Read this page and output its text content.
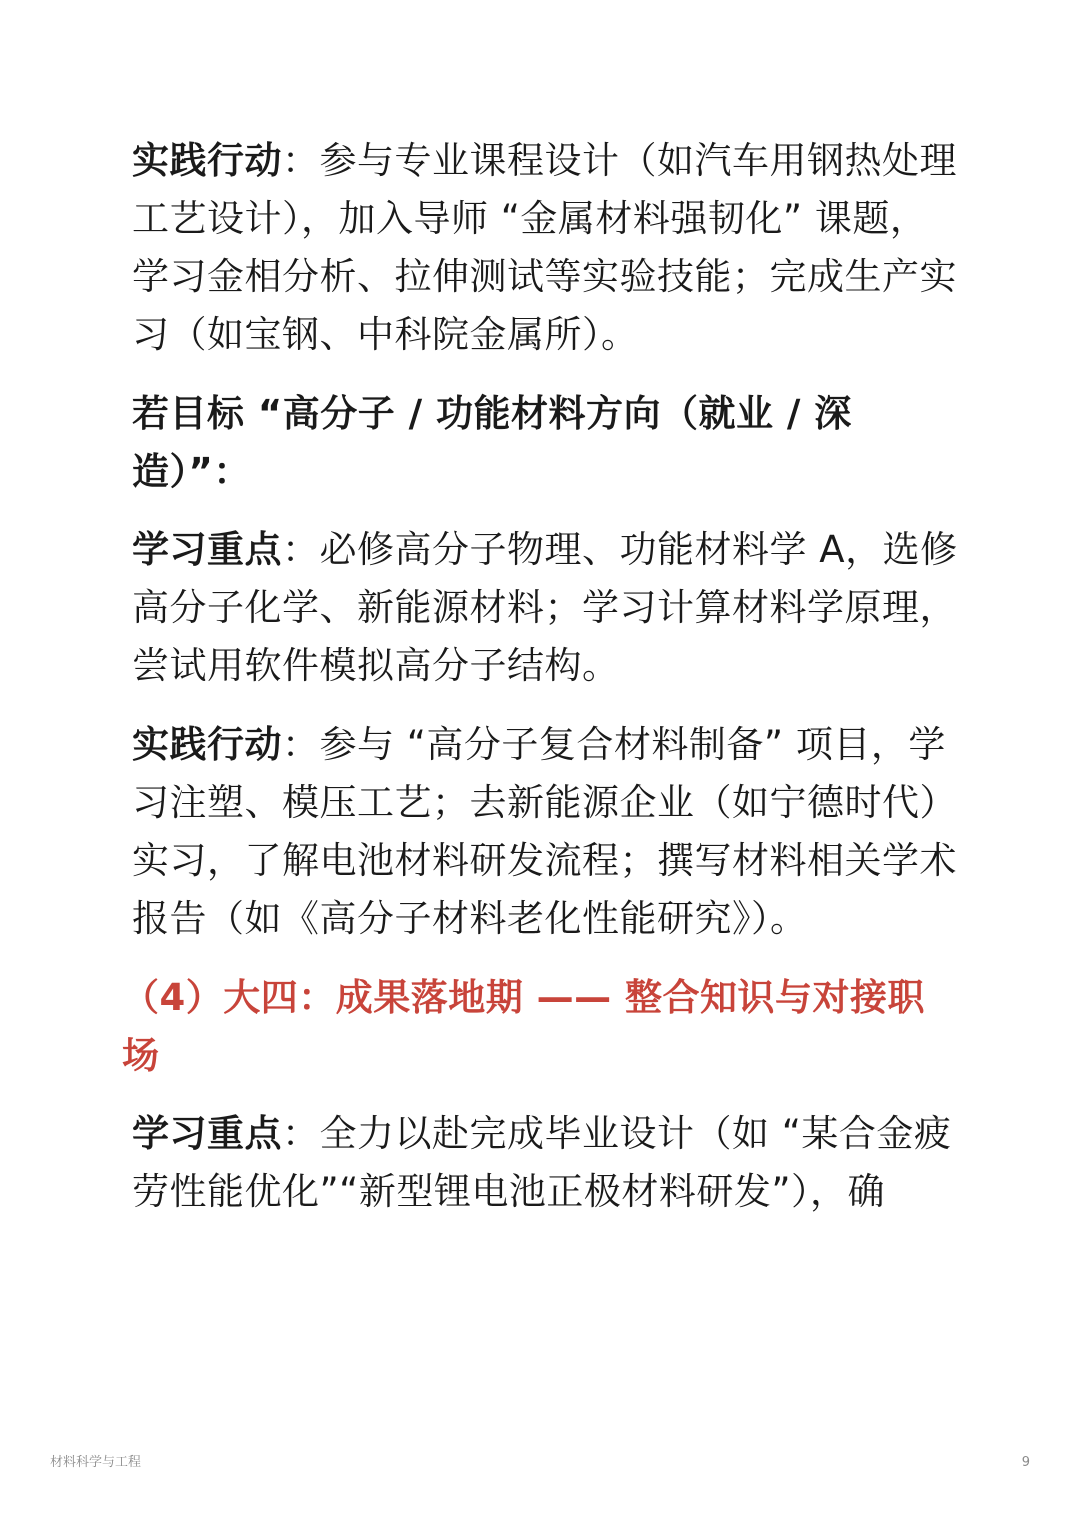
实践行动：参与专业课程设计（如汽车用钢热处理工艺设计），加入导师 “金属材料强韧化” 课题，学习金相分析、拉伸测试等实验技能；完成生产实习（如宝钢、中科院金属所）。

若目标 “高分子 / 功能材料方向（就业 / 深造）”：

学习重点：必修高分子物理、功能材料学 A，选修高分子化学、新能源材料；学习计算材料学原理，尝试用软件模拟高分子结构。

实践行动：参与 “高分子复合材料制备” 项目，学习注塑、模压工艺；去新能源企业（如宁德时代）实习，了解电池材料研发流程；撰写材料相关学术报告（如《高分子材料老化性能研究》）。

（4）大四：成果落地期 —— 整合知识与对接职场

学习重点：全力以赴完成毕业设计（如 “某合金疲劳性能优化”“新型锂电池正极材料研发”），确

材料科学与工程	9
